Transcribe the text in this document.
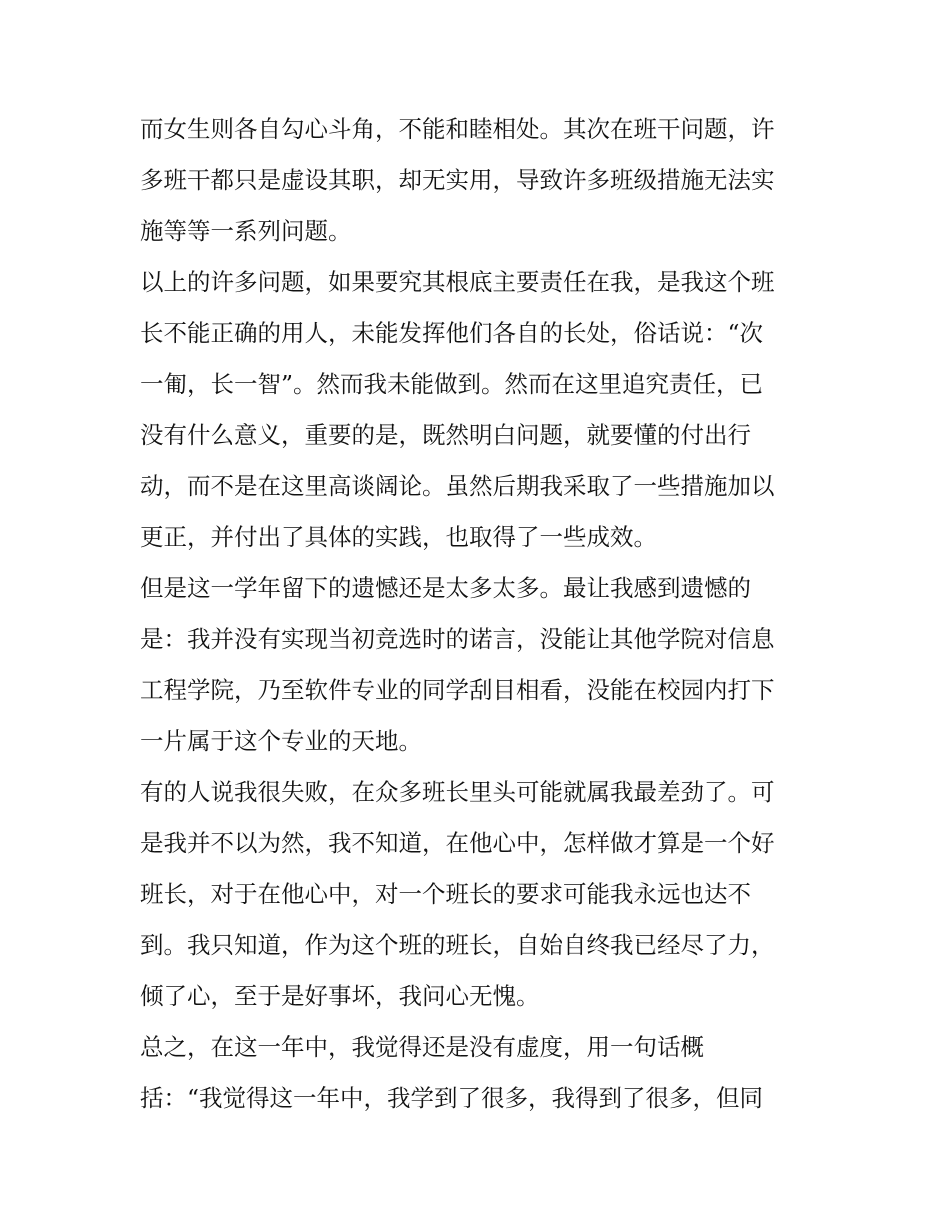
而女生则各自勾心斗角，不能和睦相处。其次在班干问题，许
多班干都只是虚设其职，却无实用，导致许多班级措施无法实
施等等一系列问题。
以上的许多问题，如果要究其根底主要责任在我，是我这个班
长不能正确的用人，未能发挥他们各自的长处，俗话说：“次
一匍，长一智”。然而我未能做到。然而在这里追究责任，已
没有什么意义，重要的是，既然明白问题，就要懂的付出行
动，而不是在这里高谈阔论。虽然后期我采取了一些措施加以
更正，并付出了具体的实践，也取得了一些成效。
但是这一学年留下的遗憾还是太多太多。最让我感到遗憾的
是：我并没有实现当初竞选时的诺言，没能让其他学院对信息
工程学院，乃至软件专业的同学刮目相看，没能在校园内打下
一片属于这个专业的天地。
有的人说我很失败，在众多班长里头可能就属我最差劲了。可
是我并不以为然，我不知道，在他心中，怎样做才算是一个好
班长，对于在他心中，对一个班长的要求可能我永远也达不
到。我只知道，作为这个班的班长，自始自终我已经尽了力，
倾了心，至于是好事坏，我问心无愧。
总之，在这一年中，我觉得还是没有虚度，用一句话概
括：“我觉得这一年中，我学到了很多，我得到了很多，但同
